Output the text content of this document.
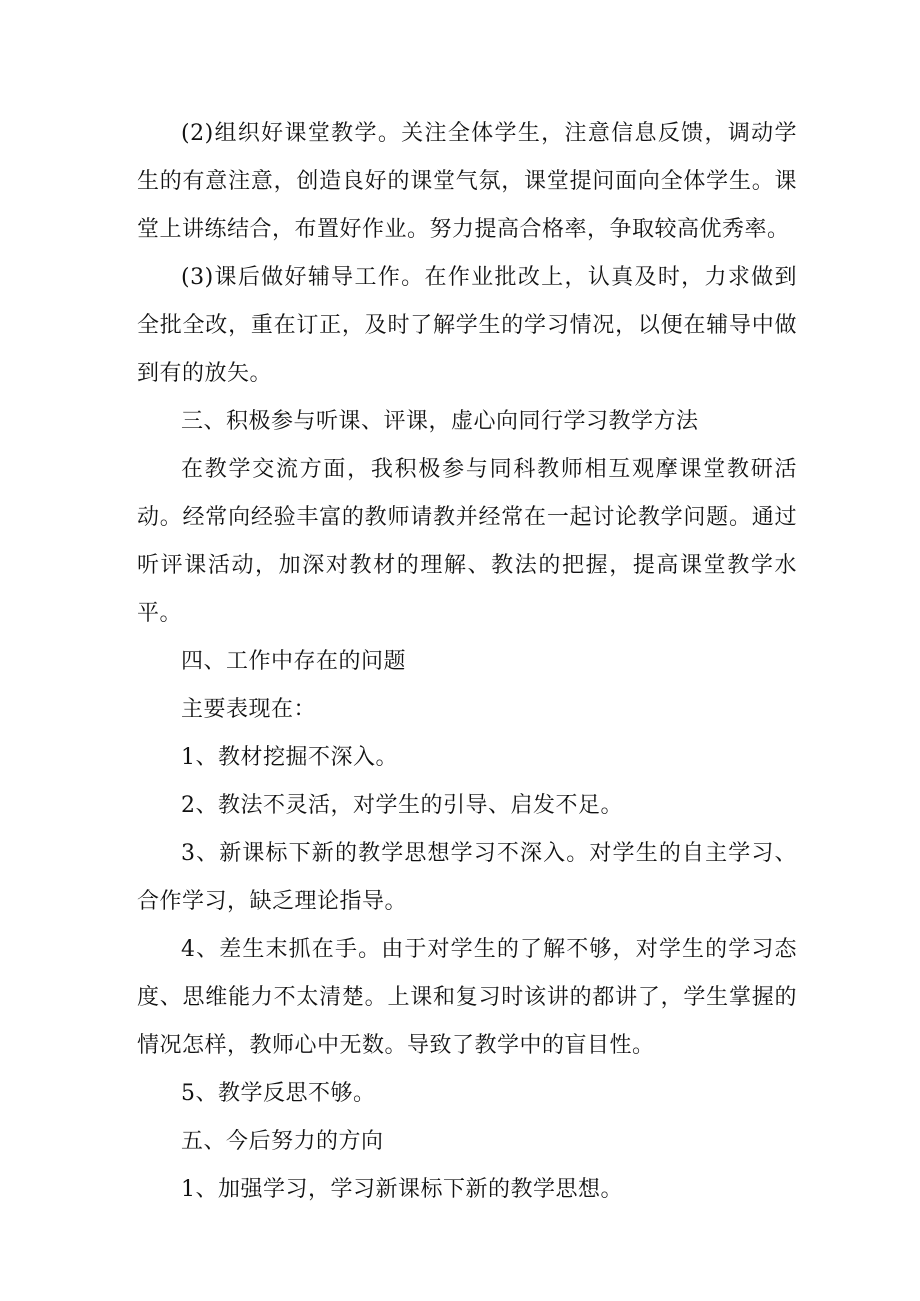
(2)组织好课堂教学。关注全体学生，注意信息反馈，调动学生的有意注意，创造良好的课堂气氛，课堂提问面向全体学生。课堂上讲练结合，布置好作业。努力提高合格率，争取较高优秀率。

(3)课后做好辅导工作。在作业批改上，认真及时，力求做到全批全改，重在订正，及时了解学生的学习情况，以便在辅导中做到有的放矢。

三、积极参与听课、评课，虚心向同行学习教学方法

在教学交流方面，我积极参与同科教师相互观摩课堂教研活动。经常向经验丰富的教师请教并经常在一起讨论教学问题。通过听评课活动，加深对教材的理解、教法的把握，提高课堂教学水平。

四、工作中存在的问题

主要表现在：

1、教材挖掘不深入。

2、教法不灵活，对学生的引导、启发不足。

3、新课标下新的教学思想学习不深入。对学生的自主学习、合作学习，缺乏理论指导。

4、差生末抓在手。由于对学生的了解不够，对学生的学习态度、思维能力不太清楚。上课和复习时该讲的都讲了，学生掌握的情况怎样，教师心中无数。导致了教学中的盲目性。

5、教学反思不够。

五、今后努力的方向

1、加强学习，学习新课标下新的教学思想。
